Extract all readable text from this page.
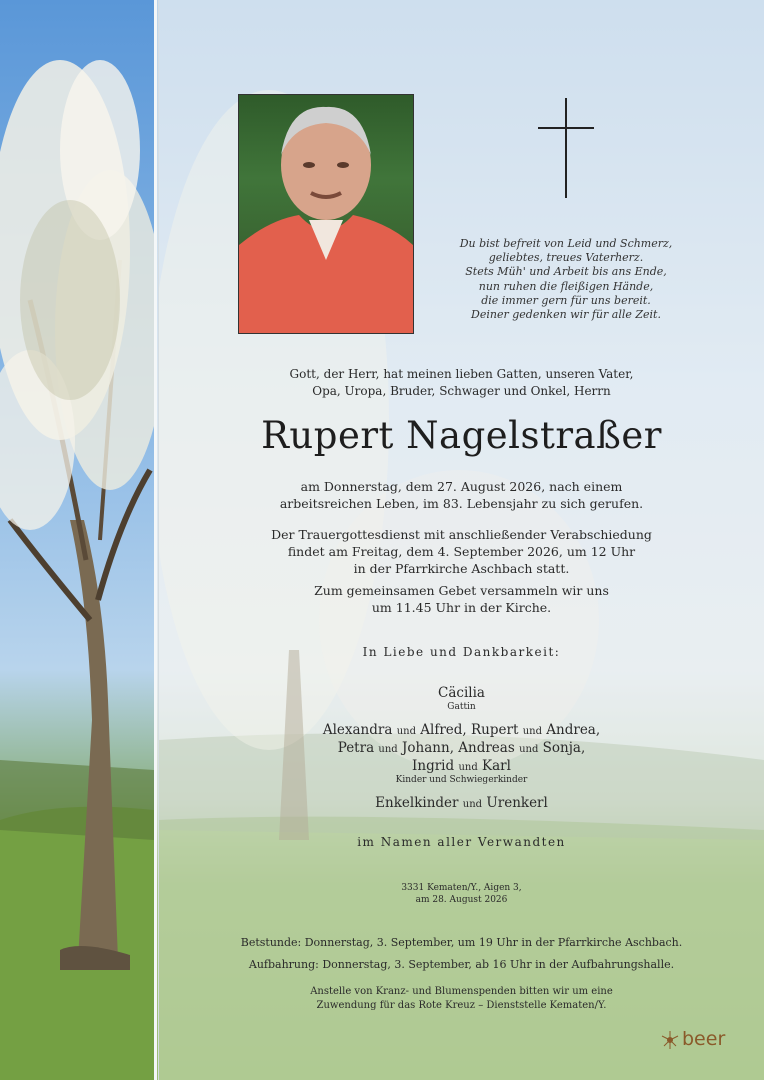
Du bist befreit von Leid und Schmerz,
geliebtes, treues Vaterherz.
Stets Müh' und Arbeit bis ans Ende,
nun ruhen die fleißigen Hände,
die immer gern für uns bereit.
Deiner gedenken wir für alle Zeit.
Gott, der Herr, hat meinen lieben Gatten, unseren Vater,
Opa, Uropa, Bruder, Schwager und Onkel, Herrn
Rupert Nagelstraßer
am Donnerstag, dem 27. August 2026, nach einem
arbeitsreichen Leben, im 83. Lebensjahr zu sich gerufen.
Der Trauergottesdienst mit anschließender Verabschiedung
findet am Freitag, dem 4. September 2026, um 12 Uhr
in der Pfarrkirche Aschbach statt.
Zum gemeinsamen Gebet versammeln wir uns
um 11.45 Uhr in der Kirche.
In Liebe und Dankbarkeit:
Cäcilia
Gattin
Alexandra und Alfred, Rupert und Andrea,
Petra und Johann, Andreas und Sonja,
Ingrid und Karl
Kinder und Schwiegerkinder
Enkelkinder und Urenkerl
im Namen aller Verwandten
3331 Kematen/Y., Aigen 3,
am 28. August 2026
Betstunde: Donnerstag, 3. September, um 19 Uhr in der Pfarrkirche Aschbach.
Aufbahrung: Donnerstag, 3. September, ab 16 Uhr in der Aufbahrungshalle.
Anstelle von Kranz- und Blumenspenden bitten wir um eine
Zuwendung für das Rote Kreuz – Dienststelle Kematen/Y.
beer
